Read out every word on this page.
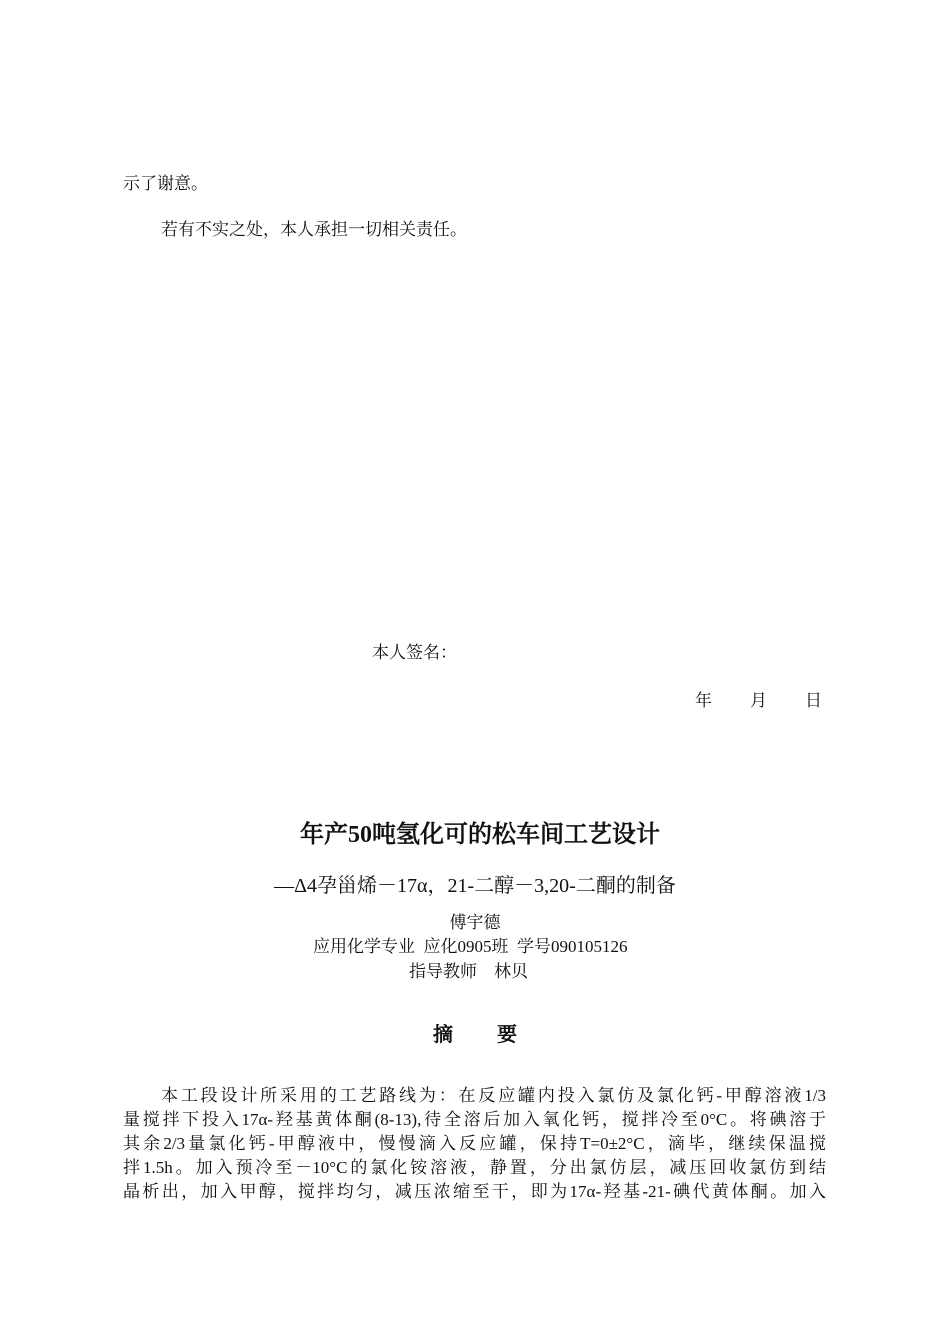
示了谢意。
若有不实之处，本人承担一切相关责任。
本人签名：
年 月 日
年产50吨氢化可的松车间工艺设计
—Δ4孕甾烯－17α，21-二醇－3,20-二酮的制备
傅宇德
应用化学专业  应化0905班  学号090105126
指导教师    林贝
摘 要
本工段设计所采用的工艺路线为：在反应罐内投入氯仿及氯化钙-甲醇溶液1/3
量搅拌下投入17α-羟基黄体酮(8-13),待全溶后加入氧化钙，搅拌冷至0°C。将碘溶于
其余2/3量氯化钙-甲醇液中，慢慢滴入反应罐，保持T=0±2°C，滴毕，继续保温搅
拌1.5h。加入预冷至－10°C的氯化铵溶液，静置，分出氯仿层，减压回收氯仿到结
晶析出，加入甲醇，搅拌均匀，减压浓缩至干，即为17α-羟基-21-碘代黄体酮。加入
